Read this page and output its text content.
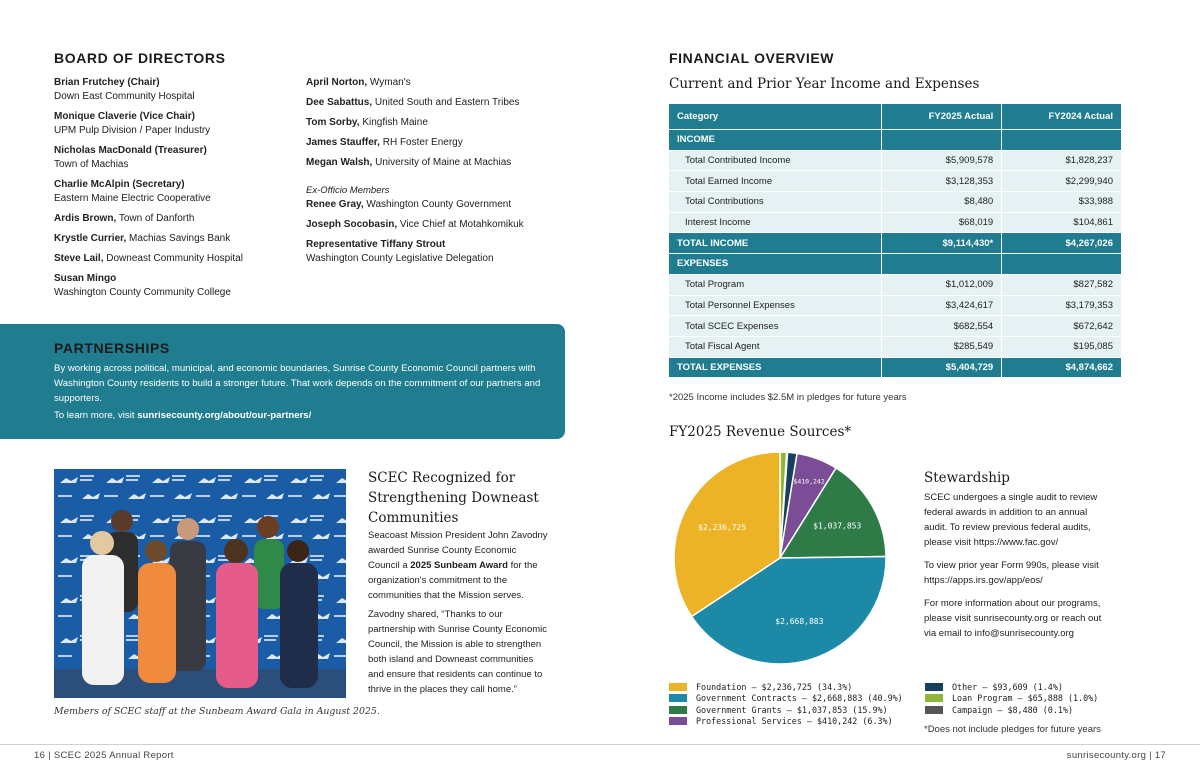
BOARD OF DIRECTORS
Brian Frutchey (Chair)
Down East Community Hospital
Monique Claverie (Vice Chair)
UPM Pulp Division / Paper Industry
Nicholas MacDonald (Treasurer)
Town of Machias
Charlie McAlpin (Secretary)
Eastern Maine Electric Cooperative
Ardis Brown, Town of Danforth
Krystle Currier, Machias Savings Bank
Steve Lail, Downeast Community Hospital
Susan Mingo
Washington County Community College
April Norton, Wyman's
Dee Sabattus, United South and Eastern Tribes
Tom Sorby, Kingfish Maine
James Stauffer, RH Foster Energy
Megan Walsh, University of Maine at Machias
Ex-Officio Members
Renee Gray, Washington County Government
Joseph Socobasin, Vice Chief at Motahkomikuk
Representative Tiffany Strout
Washington County Legislative Delegation
PARTNERSHIPS

By working across political, municipal, and economic boundaries, Sunrise County Economic Council partners with Washington County residents to build a stronger future. That work depends on the commitment of our partners and supporters.

To learn more, visit sunrisecounty.org/about/our-partners/

Members of SCEC staff at the Sunbeam Award Gala in August 2025.
SCEC Recognized for Strengthening Downeast Communities

Seacoast Mission President John Zavodny awarded Sunrise County Economic Council a 2025 Sunbeam Award for the organization's commitment to the communities that the Mission serves.

Zavodny shared, “Thanks to our partnership with Sunrise County Economic Council, the Mission is able to strengthen both island and Downeast communities and ensure that residents can continue to thrive in the places they call home.”

FINANCIAL OVERVIEW
Current and Prior Year Income and Expenses
Category	FY2025 Actual	FY2024 Actual
INCOME		
Total Contributed Income	$5,909,578	$1,828,237
Total Earned Income	$3,128,353	$2,299,940
Total Contributions	$8,480	$33,988
Interest Income	$68,019	$104,861
TOTAL INCOME	$9,114,430*	$4,267,026
EXPENSES		
Total Program	$1,012,009	$827,582
Total Personnel Expenses	$3,424,617	$3,179,353
Total SCEC Expenses	$682,554	$672,642
Total Fiscal Agent	$285,549	$195,085
TOTAL EXPENSES	$5,404,729	$4,874,662
*2025 Income includes $2.5M in pledges for future years
FY2025 Revenue Sources*
$410,242
$1,037,853
$2,668,883
$2,236,725
Foundation — $2,236,725 (34.3%)
Government Contracts — $2,668,883 (40.9%)
Government Grants — $1,037,853 (15.9%)
Professional Services — $410,242 (6.3%)
Other — $93,609 (1.4%)
Loan Program — $65,888 (1.0%)
Campaign — $8,480 (0.1%)
Stewardship

SCEC undergoes a single audit to review federal awards in addition to an annual audit. To review previous federal audits, please visit https://www.fac.gov/

To view prior year Form 990s, please visit https://apps.irs.gov/app/eos/

For more information about our programs, please visit sunrisecounty.org or reach out via email to info@sunrisecounty.org

*Does not include pledges for future years
16 | SCEC 2025 Annual Report	sunrisecounty.org | 17
